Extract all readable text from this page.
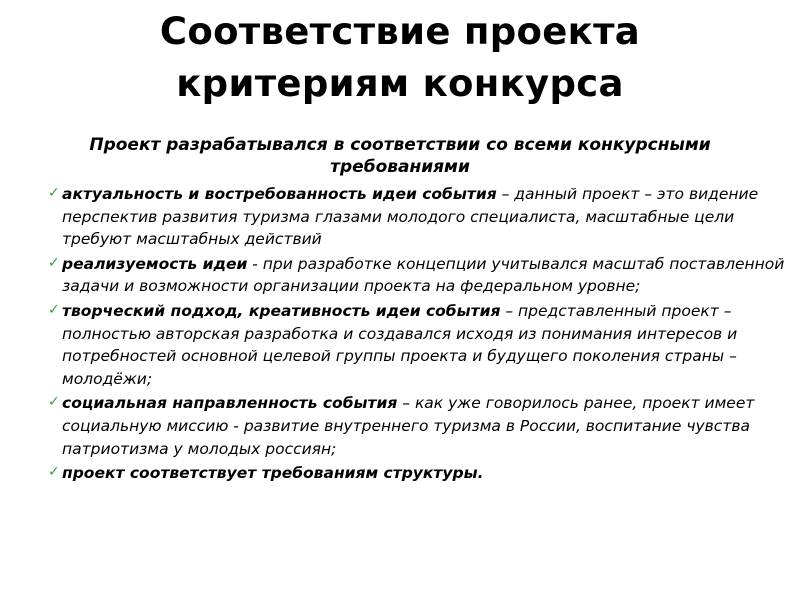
Соответствие проекта
критериям конкурса
Проект разрабатывался в соответствии со всеми конкурсными требованиями
✓ актуальность и востребованность идеи события – данный проект – это видение перспектив развития туризма глазами молодого специалиста, масштабные цели требуют масштабных действий
✓ реализуемость идеи - при разработке концепции учитывался масштаб поставленной задачи и возможности организации проекта на федеральном уровне;
✓ творческий подход, креативность идеи события – представленный проект – полностью авторская разработка и создавался исходя из понимания интересов и потребностей основной целевой группы проекта и будущего поколения страны – молодёжи;
✓ социальная направленность события – как уже говорилось ранее, проект имеет социальную миссию - развитие внутреннего туризма в России, воспитание чувства патриотизма у молодых россиян;
✓ проект соответствует требованиям структуры.
